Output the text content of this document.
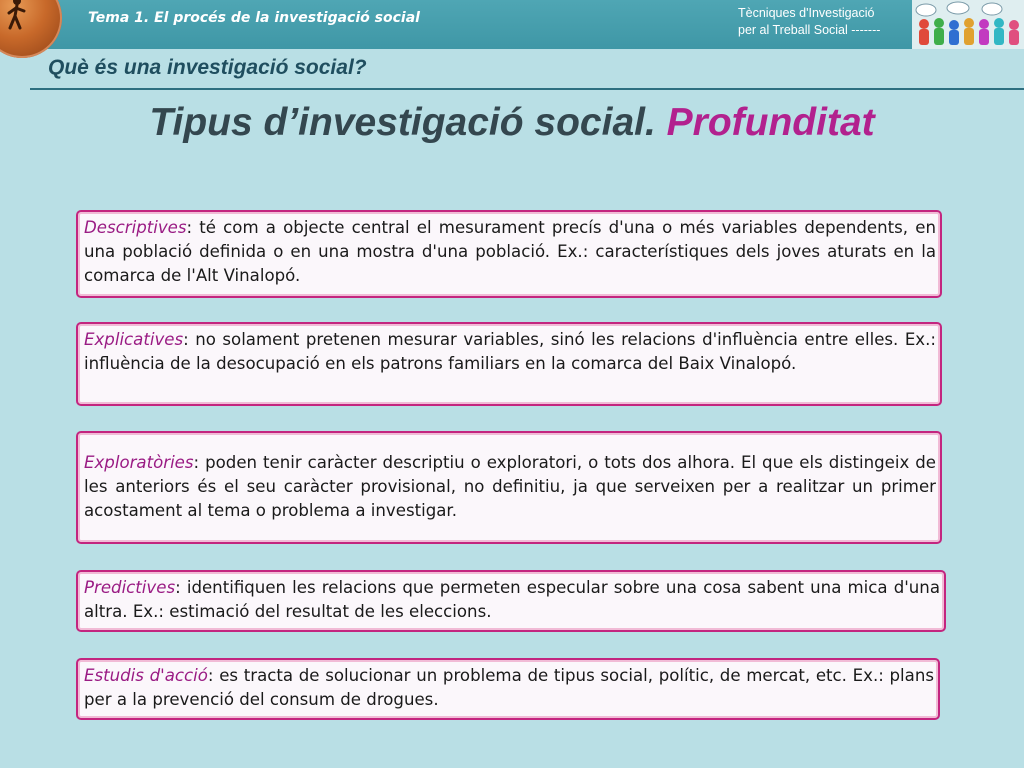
Tema 1. El procés de la investigació social	Tècniques d'Investigació
per al Treball Social -------
Què és una investigació social?
Tipus d’investigació social. Profunditat

Descriptives: té com a objecte central el mesurament precís d'una o més variables dependents, en una població definida o en una mostra d'una població. Ex.: característiques dels joves aturats en la comarca de l'Alt Vinalopó.

Explicatives: no solament pretenen mesurar variables, sinó les relacions d'influència entre elles. Ex.: influència de la desocupació en els patrons familiars en la comarca del Baix Vinalopó.

Exploratòries: poden tenir caràcter descriptiu o exploratori, o tots dos alhora. El que els distingeix de les anteriors és el seu caràcter provisional, no definitiu, ja que serveixen per a realitzar un primer acostament al tema o problema a investigar.

Predictives: identifiquen les relacions que permeten especular sobre una cosa sabent una mica d'una altra. Ex.: estimació del resultat de les eleccions.

Estudis d'acció: es tracta de solucionar un problema de tipus social, polític, de mercat, etc. Ex.: plans per a la prevenció del consum de drogues.
